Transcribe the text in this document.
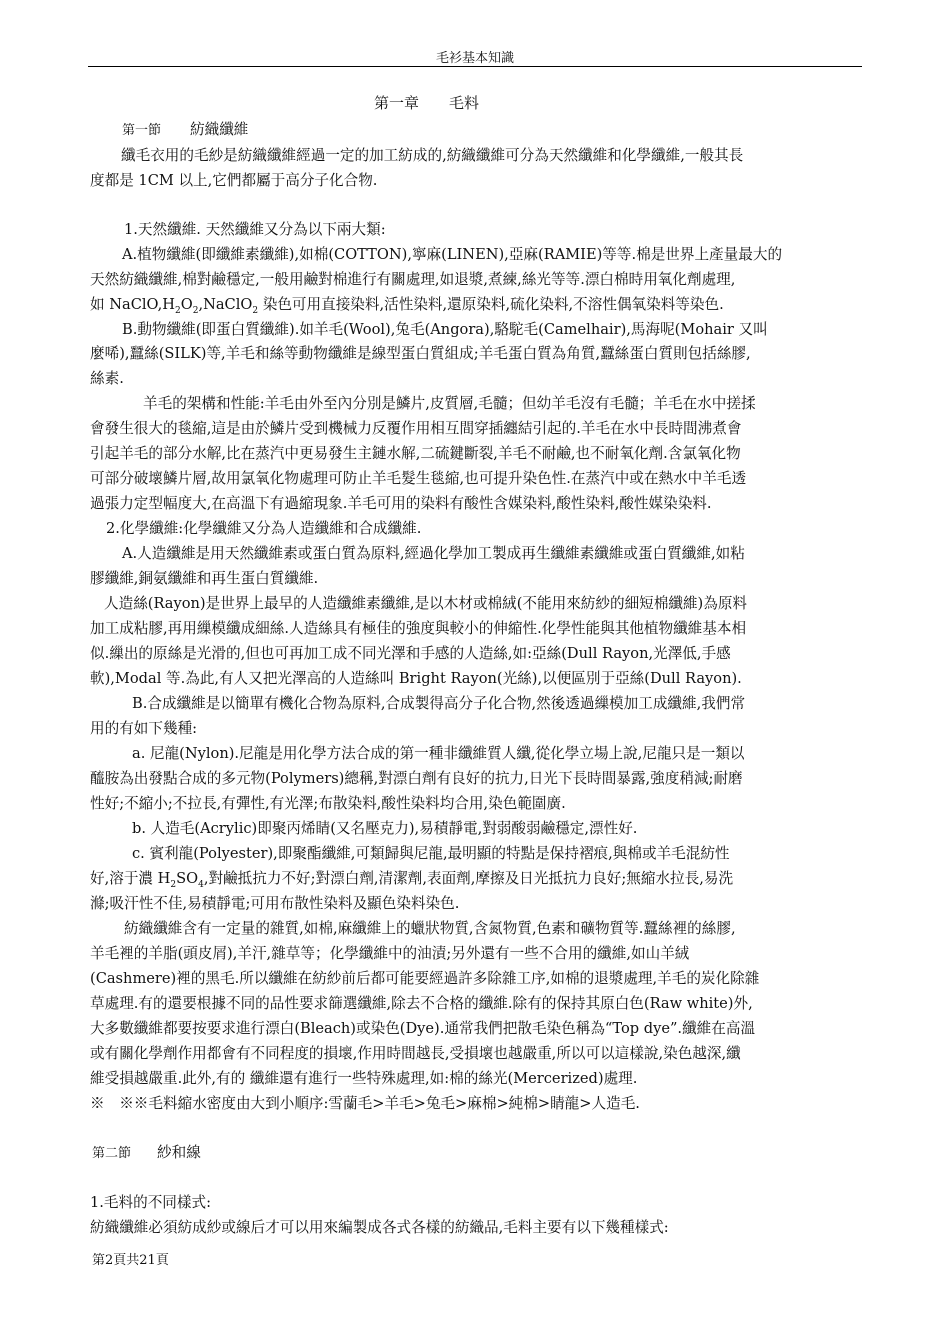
毛衫基本知識
第一章　　毛料
第一節 紡織纖維
纖毛衣用的毛紗是紡織纖維經過一定的加工紡成的,紡織纖維可分為天然纖維和化學纖維,一般其長
度都是 1CM 以上,它們都屬于高分子化合物.
1.天然纖維. 天然纖維又分為以下兩大類:
A.植物纖維(即纖維素纖維),如棉(COTTON),寧麻(LINEN),亞麻(RAMIE)等等.棉是世界上產量最大的
天然紡織纖維,棉對鹼穩定,一般用鹼對棉進行有關處理,如退漿,煮練,絲光等等.漂白棉時用氧化劑處理,
如 $NaClO,H_2O_2,NaClO_2$ 染色可用直接染料,活性染料,還原染料,硫化染料,不溶性偶氧染料等染色.
B.動物纖維(即蛋白質纖維).如羊毛(Wool),兔毛(Angora),駱駝毛(Camelhair),馬海呢(Mohair 又叫
麼唏),蠶絲(SILK)等,羊毛和絲等動物纖維是線型蛋白質組成;羊毛蛋白質為角質,蠶絲蛋白質則包括絲膠,
絲素.
羊毛的架構和性能:羊毛由外至內分別是鱗片,皮質層,毛髓；但幼羊毛沒有毛髓；羊毛在水中搓揉
會發生很大的毯縮,這是由於鱗片受到機械力反覆作用相互間穿插纏結引起的.羊毛在水中長時間沸煮會
引起羊毛的部分水解,比在蒸汽中更易發生主鏈水解,二硫鍵斷裂,羊毛不耐鹼,也不耐氧化劑.含氯氧化物
可部分破壞鱗片層,故用氯氧化物處理可防止羊毛髮生毯縮,也可提升染色性.在蒸汽中或在熱水中羊毛透
過張力定型幅度大,在高溫下有過縮現象.羊毛可用的染料有酸性含媒染料,酸性染料,酸性媒染染料.
2.化學纖維:化學纖維又分為人造纖維和合成纖維.
A.人造纖維是用天然纖維素或蛋白質為原料,經過化學加工製成再生纖維素纖維或蛋白質纖維,如粘
膠纖維,銅氨纖維和再生蛋白質纖維.
人造絲(Rayon)是世界上最早的人造纖維素纖維,是以木材或棉絨(不能用來紡紗的細短棉纖維)為原料
加工成粘膠,再用繅模纖成細絲.人造絲具有極佳的強度與較小的伸縮性.化學性能與其他植物纖維基本相
似.繅出的原絲是光滑的,但也可再加工成不同光澤和手感的人造絲,如:亞絲(Dull Rayon,光澤低,手感
軟),Modal 等.為此,有人又把光澤高的人造絲叫 Bright Rayon(光絲),以便區別于亞絲(Dull Rayon).
B.合成纖維是以簡單有機化合物為原料,合成製得高分子化合物,然後透過繅模加工成纖維,我們常
用的有如下幾種:
a. 尼龍(Nylon).尼龍是用化學方法合成的第一種非纖維質人纖,從化學立場上說,尼龍只是一類以
醯胺為出發點合成的多元物(Polymers)總稱,對漂白劑有良好的抗力,日光下長時間暴露,強度稍減;耐磨
性好;不縮小;不拉長,有彈性,有光澤;布散染料,酸性染料均合用,染色範圍廣.
b. 人造毛(Acrylic)即聚丙烯睛(又名壓克力),易積靜電,對弱酸弱鹼穩定,漂性好.
c. 賓利龍(Polyester),即聚酯纖維,可類歸與尼龍,最明顯的特點是保持褶痕,與棉或羊毛混紡性
好,溶于濃 $H_2SO_4$,對鹼抵抗力不好;對漂白劑,清潔劑,表面劑,摩擦及日光抵抗力良好;無縮水拉長,易洗
滌;吸汗性不佳,易積靜電;可用布散性染料及顯色染料染色.
紡織纖維含有一定量的雜質,如棉,麻纖維上的蠟狀物質,含氮物質,色素和礦物質等.蠶絲裡的絲膠,
羊毛裡的羊脂(頭皮屑),羊汗,雜草等；化學纖維中的油漬;另外還有一些不合用的纖維,如山羊絨
(Cashmere)裡的黑毛.所以纖維在紡紗前后都可能要經過許多除雜工序,如棉的退漿處理,羊毛的炭化除雜
草處理.有的還要根據不同的品性要求篩選纖維,除去不合格的纖維.除有的保持其原白色(Raw white)外,
大多數纖維都要按要求進行漂白(Bleach)或染色(Dye).通常我們把散毛染色稱為“Top dye”.纖維在高溫
或有關化學劑作用都會有不同程度的損壞,作用時間越長,受損壞也越嚴重,所以可以這樣說,染色越深,纖
維受損越嚴重.此外,有的 纖維還有進行一些特殊處理,如:棉的絲光(Mercerized)處理.
※　※※毛料縮水密度由大到小順序:雪蘭毛>羊毛>兔毛>麻棉>純棉>睛龍>人造毛.
第二節 紗和線
1.毛料的不同樣式:
紡織纖維必須紡成紗或線后才可以用來編製成各式各樣的紡織品,毛料主要有以下幾種樣式:
第2頁共21頁
